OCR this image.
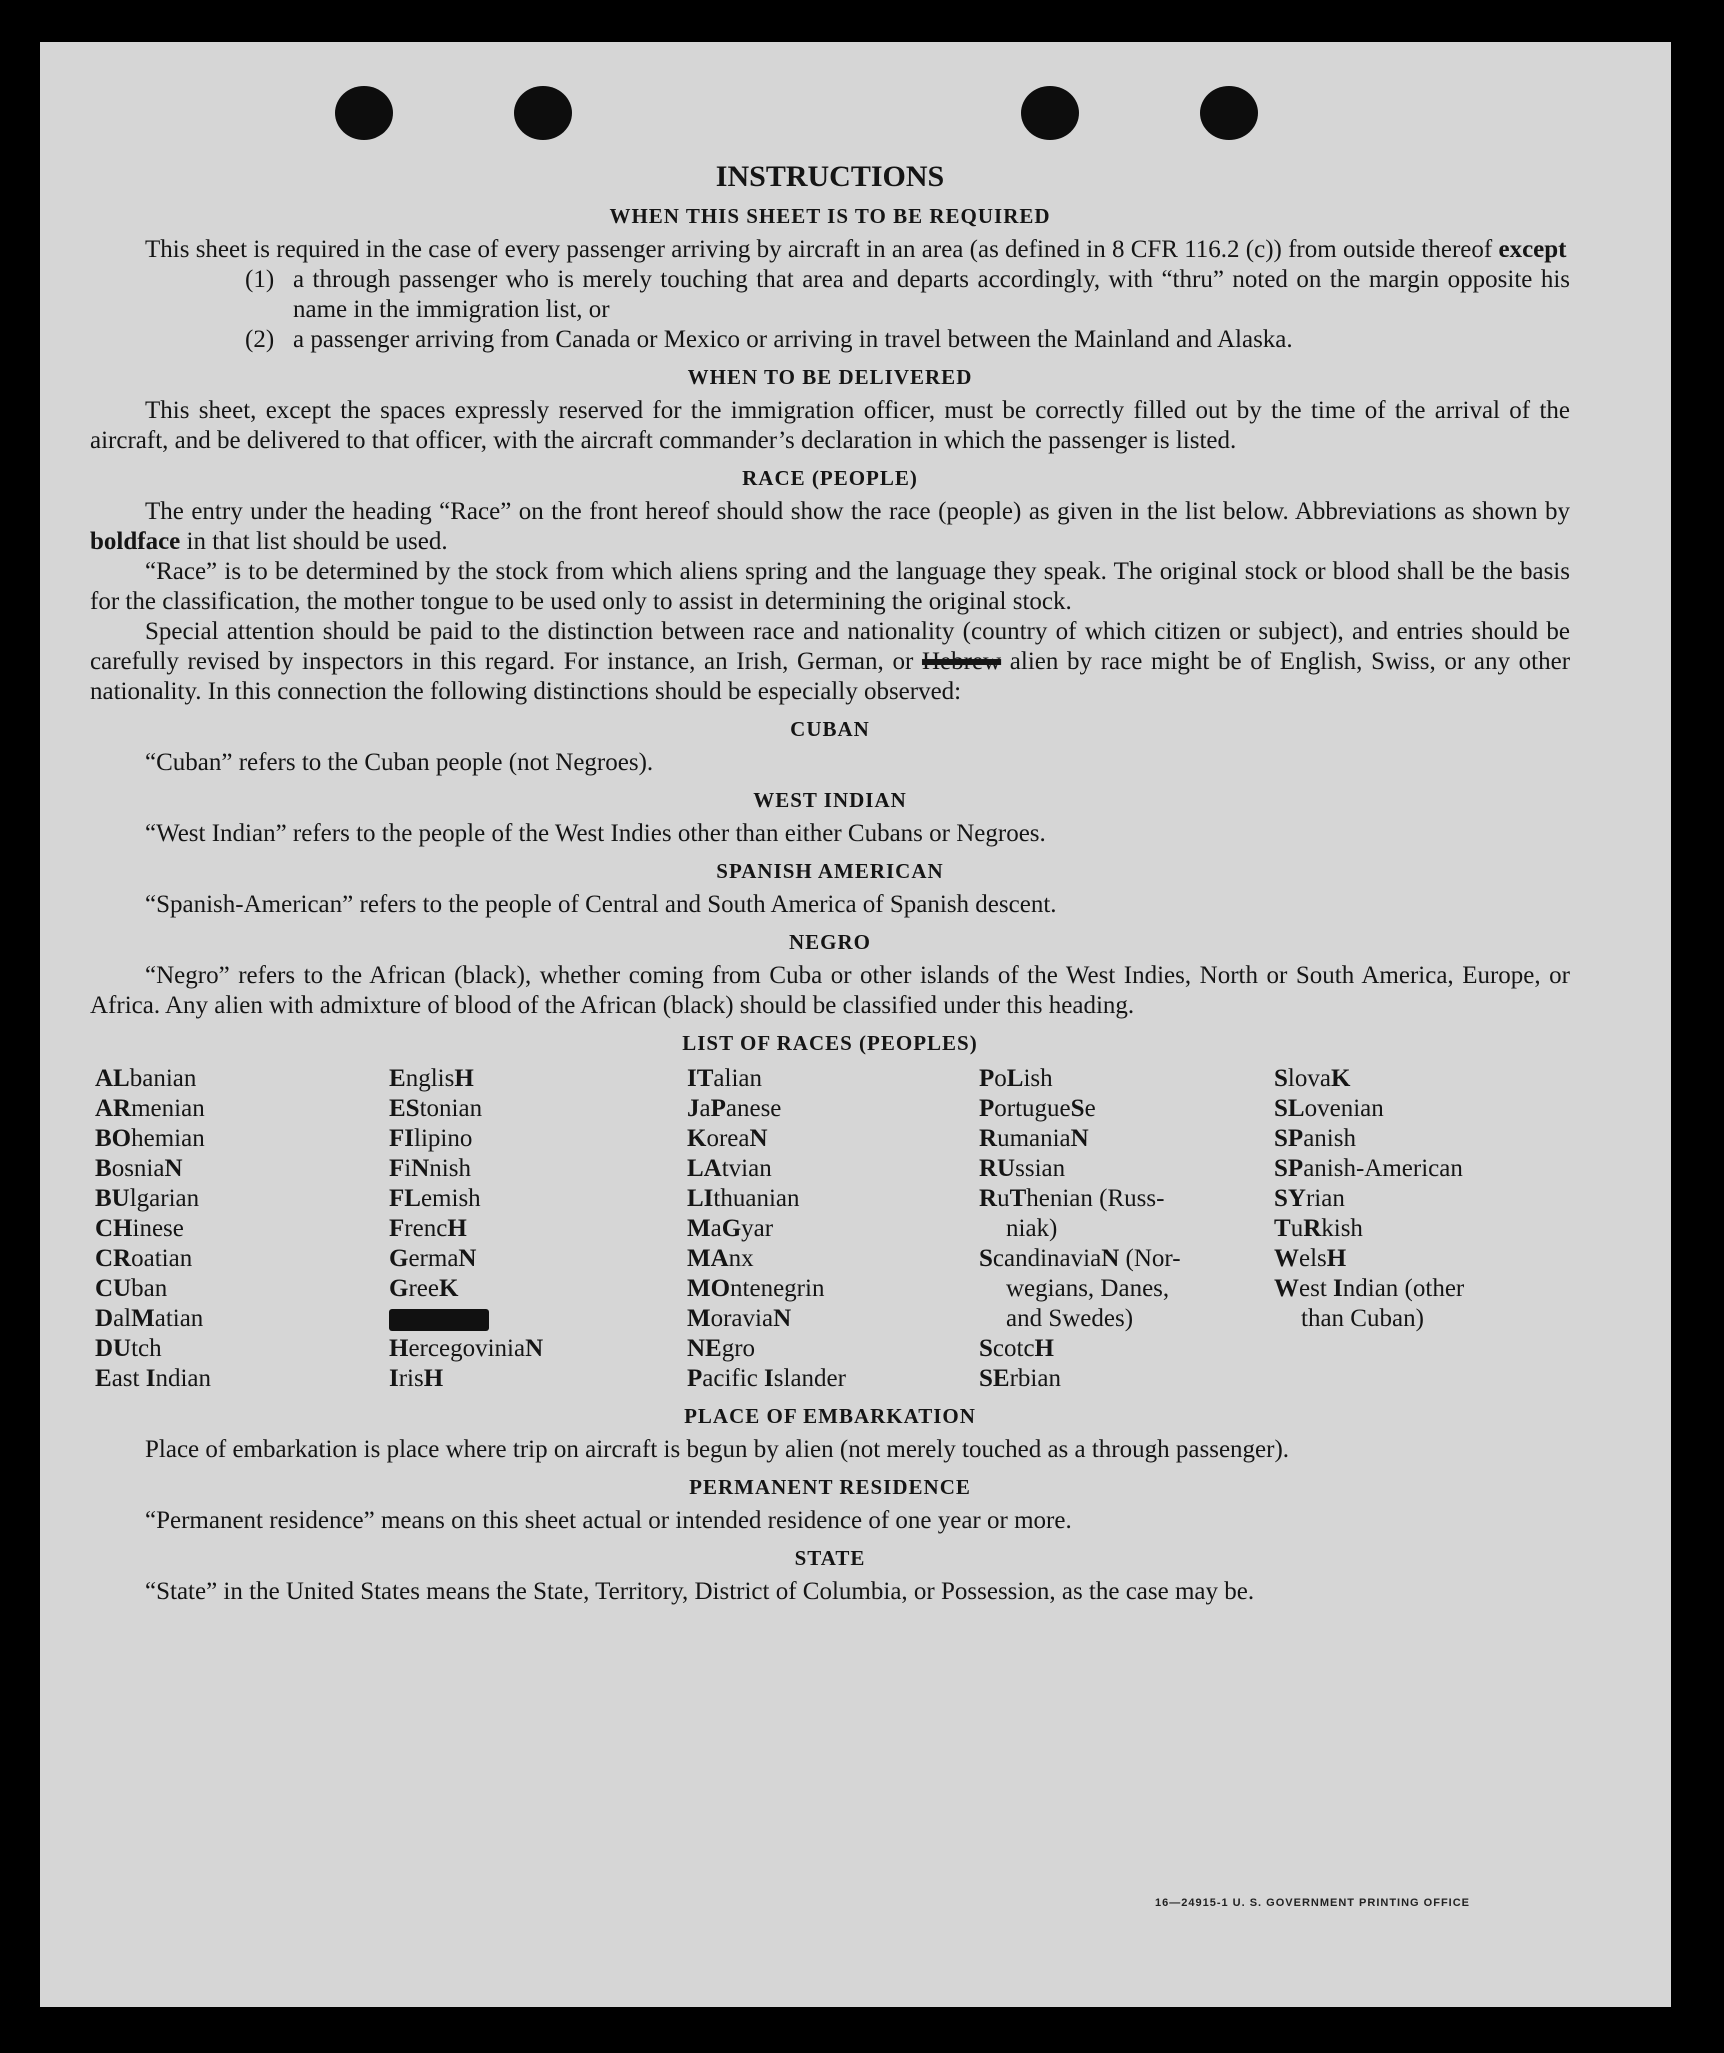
INSTRUCTIONS
WHEN THIS SHEET IS TO BE REQUIRED

This sheet is required in the case of every passenger arriving by aircraft in an area (as defined in 8 CFR 116.2 (c)) from outside thereof except

(1) a through passenger who is merely touching that area and departs accordingly, with “thru” noted on the margin opposite his name in the immigration list, or
(2) a passenger arriving from Canada or Mexico or arriving in travel between the Mainland and Alaska.
WHEN TO BE DELIVERED

This sheet, except the spaces expressly reserved for the immigration officer, must be correctly filled out by the time of the arrival of the aircraft, and be delivered to that officer, with the aircraft commander’s declaration in which the passenger is listed.

RACE (PEOPLE)

The entry under the heading “Race” on the front hereof should show the race (people) as given in the list below. Abbreviations as shown by boldface in that list should be used.

“Race” is to be determined by the stock from which aliens spring and the language they speak. The original stock or blood shall be the basis for the classification, the mother tongue to be used only to assist in determining the original stock.

Special attention should be paid to the distinction between race and nationality (country of which citizen or subject), and entries should be carefully revised by inspectors in this regard. For instance, an Irish, German, or Hebrew alien by race might be of English, Swiss, or any other nationality. In this connection the following distinctions should be especially observed:

CUBAN

“Cuban” refers to the Cuban people (not Negroes).

WEST INDIAN

“West Indian” refers to the people of the West Indies other than either Cubans or Negroes.

SPANISH AMERICAN

“Spanish-American” refers to the people of Central and South America of Spanish descent.

NEGRO

“Negro” refers to the African (black), whether coming from Cuba or other islands of the West Indies, North or South America, Europe, or Africa. Any alien with admixture of blood of the African (black) should be classified under this heading.

LIST OF RACES (PEOPLES)
ALbanian
ARmenian
BOhemian
BosniaN
BUlgarian
CHinese
CRoatian
CUban
DalMatian
DUtch
East Indian
EnglisH
EStonian
FIlipino
FiNnish
FLemish
FrencH
GermaN
GreeK
HercegoviniaN
IrisH
ITalian
JaPanese
KoreaN
LAtvian
LIthuanian
MaGyar
MAnx
MOntenegrin
MoraviaN
NEgro
Pacific Islander
PoLish
PortugueSe
RumaniaN
RUssian
RuThenian (Russ-
niak)
ScandinaviaN (Nor-
wegians, Danes,
and Swedes)
ScotcH
SErbian
SlovaK
SLovenian
SPanish
SPanish-American
SYrian
TuRkish
WelsH
West Indian (other
than Cuban)
PLACE OF EMBARKATION

Place of embarkation is place where trip on aircraft is begun by alien (not merely touched as a through passenger).

PERMANENT RESIDENCE

“Permanent residence” means on this sheet actual or intended residence of one year or more.

STATE

“State” in the United States means the State, Territory, District of Columbia, or Possession, as the case may be.

16—24915-1 U. S. GOVERNMENT PRINTING OFFICE
